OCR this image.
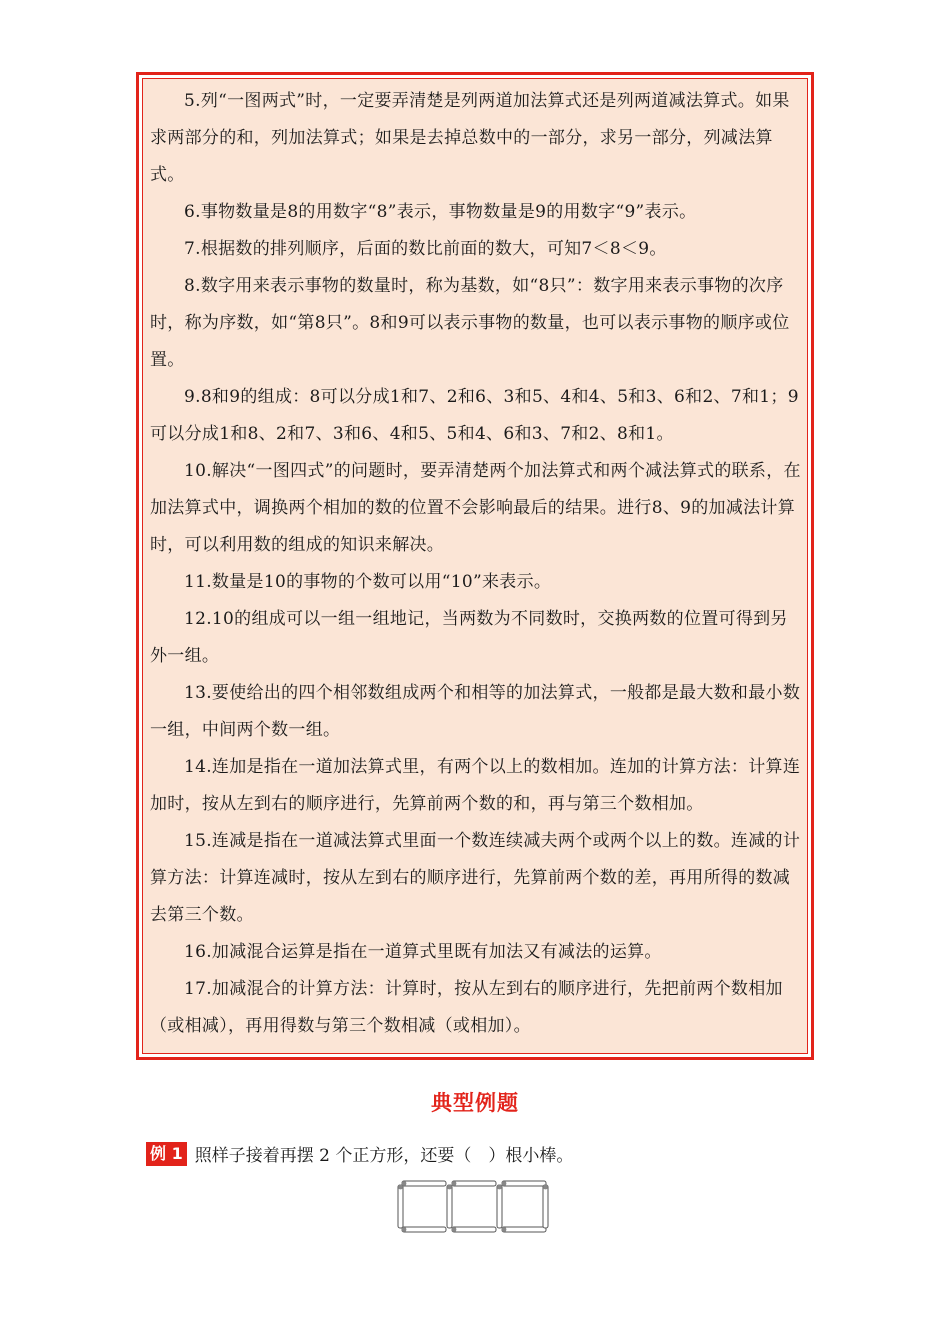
5.列“一图两式”时，一定要弄清楚是列两道加法算式还是列两道减法算式。如果求两部分的和，列加法算式；如果是去掉总数中的一部分，求另一部分，列减法算式。

6.事物数量是8的用数字“8”表示，事物数量是9的用数字“9”表示。

7.根据数的排列顺序，后面的数比前面的数大，可知7＜8＜9。

8.数字用来表示事物的数量时，称为基数，如“8只”：数字用来表示事物的次序时，称为序数，如“第8只”。8和9可以表示事物的数量，也可以表示事物的顺序或位置。

9.8和9的组成：8可以分成1和7、2和6、3和5、4和4、5和3、6和2、7和1；9可以分成1和8、2和7、3和6、4和5、5和4、6和3、7和2、8和1。

10.解决“一图四式”的问题时，要弄清楚两个加法算式和两个减法算式的联系，在加法算式中，调换两个相加的数的位置不会影响最后的结果。进行8、9的加减法计算时，可以利用数的组成的知识来解决。

11.数量是10的事物的个数可以用“10”来表示。

12.10的组成可以一组一组地记，当两数为不同数时，交换两数的位置可得到另外一组。

13.要使给出的四个相邻数组成两个和相等的加法算式，一般都是最大数和最小数一组，中间两个数一组。

14.连加是指在一道加法算式里，有两个以上的数相加。连加的计算方法：计算连加时，按从左到右的顺序进行，先算前两个数的和，再与第三个数相加。

15.连减是指在一道减法算式里面一个数连续减夫两个或两个以上的数。连减的计算方法：计算连减时，按从左到右的顺序进行，先算前两个数的差，再用所得的数减去第三个数。

16.加减混合运算是指在一道算式里既有加法又有减法的运算。

17.加减混合的计算方法：计算时，按从左到右的顺序进行，先把前两个数相加（或相减），再用得数与第三个数相减（或相加）。

典型例题
例 1 照样子接着再摆 2 个正方形，还要（　）根小棒。
